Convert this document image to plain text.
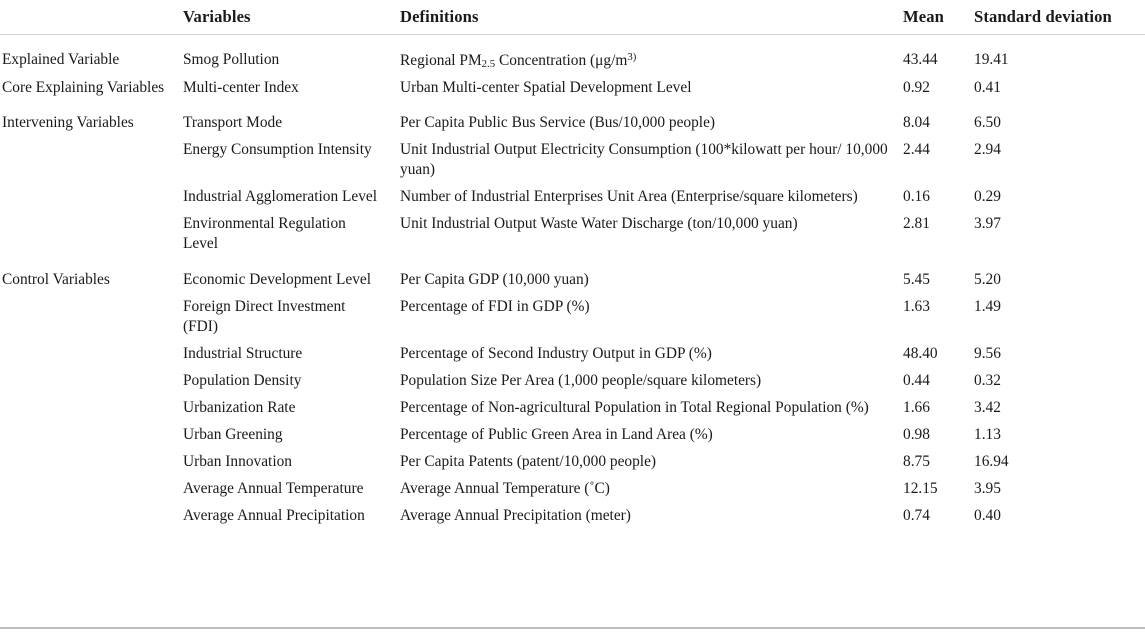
	Variables	Definitions	Mean	Standard deviation
Explained Variable	Smog Pollution	Regional $PM_{2.5}$ Concentration ($\mu g/m^{3)}$	43.44	19.41
Core Explaining Variables	Multi-center Index	Urban Multi-center Spatial Development Level	0.92	0.41
Intervening Variables	Transport Mode	Per Capita Public Bus Service (Bus/10,000 people)	8.04	6.50
	Energy Consumption Intensity	Unit Industrial Output Electricity Consumption (100*kilowatt per hour/ 10,000 yuan)	2.44	2.94
	Industrial Agglomeration Level	Number of Industrial Enterprises Unit Area (Enterprise/square kilometers)	0.16	0.29
	Environmental Regulation Level	Unit Industrial Output Waste Water Discharge (ton/10,000 yuan)	2.81	3.97
Control Variables	Economic Development Level	Per Capita GDP (10,000 yuan)	5.45	5.20
	Foreign Direct Investment (FDI)	Percentage of FDI in GDP (%)	1.63	1.49
	Industrial Structure	Percentage of Second Industry Output in GDP (%)	48.40	9.56
	Population Density	Population Size Per Area (1,000 people/square kilometers)	0.44	0.32
	Urbanization Rate	Percentage of Non-agricultural Population in Total Regional Population (%)	1.66	3.42
	Urban Greening	Percentage of Public Green Area in Land Area (%)	0.98	1.13
	Urban Innovation	Per Capita Patents (patent/10,000 people)	8.75	16.94
	Average Annual Temperature	Average Annual Temperature (˚C)	12.15	3.95
	Average Annual Precipitation	Average Annual Precipitation (meter)	0.74	0.40
